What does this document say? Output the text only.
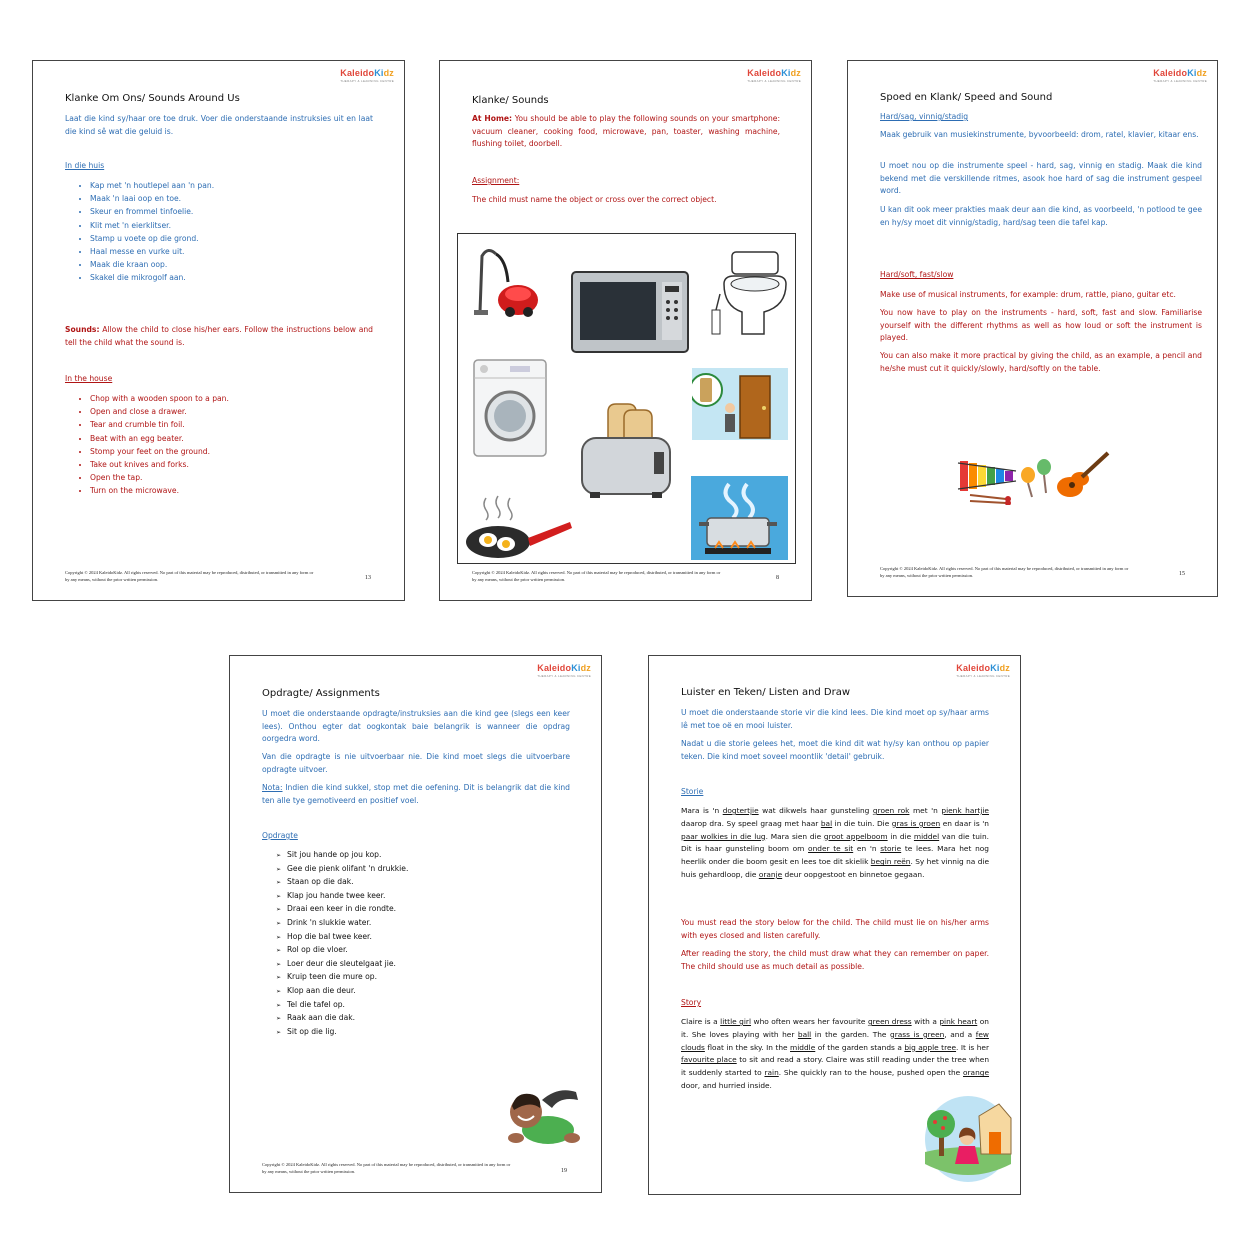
KaleidoKidz
THERAPY & LEARNING CENTRE
Klanke Om Ons/ Sounds Around Us
Laat die kind sy/haar ore toe druk. Voer die onderstaande instruksies uit en laat die kind sê wat die geluid is.
In die huis
• Kap met 'n houtlepel aan 'n pan.
• Maak 'n laai oop en toe.
• Skeur en frommel tinfoelie.
• Klit met 'n eierklitser.
• Stamp u voete op die grond.
• Haal messe en vurke uit.
• Maak die kraan oop.
• Skakel die mikrogolf aan.
Sounds: Allow the child to close his/her ears. Follow the instructions below and tell the child what the sound is.
In the house
• Chop with a wooden spoon to a pan.
• Open and close a drawer.
• Tear and crumble tin foil.
• Beat with an egg beater.
• Stomp your feet on the ground.
• Take out knives and forks.
• Open the tap.
• Turn on the microwave.
Copyright © 2024 KaleidoKidz. All rights reserved. No part of this material may be reproduced, distributed, or transmitted in any form or by any means, without the prior written permission.	13
KaleidoKidz
THERAPY & LEARNING CENTRE
Klanke/ Sounds
At Home: You should be able to play the following sounds on your smartphone: vacuum cleaner, cooking food, microwave, pan, toaster, washing machine, flushing toilet, doorbell.
Assignment:
The child must name the object or cross over the correct object.
Copyright © 2024 KaleidoKidz. All rights reserved. No part of this material may be reproduced, distributed, or transmitted in any form or by any means, without the prior written permission.	8
KaleidoKidz
THERAPY & LEARNING CENTRE
Spoed en Klank/ Speed and Sound
Hard/sag, vinnig/stadig
Maak gebruik van musiekinstrumente, byvoorbeeld: drom, ratel, klavier, kitaar ens.
U moet nou op die instrumente speel - hard, sag, vinnig en stadig. Maak die kind bekend met die verskillende ritmes, asook hoe hard of sag die instrument gespeel word.
U kan dit ook meer prakties maak deur aan die kind, as voorbeeld, 'n potlood te gee en hy/sy moet dit vinnig/stadig, hard/sag teen die tafel kap.
Hard/soft, fast/slow
Make use of musical instruments, for example: drum, rattle, piano, guitar etc.
You now have to play on the instruments - hard, soft, fast and slow. Familiarise yourself with the different rhythms as well as how loud or soft the instrument is played.
You can also make it more practical by giving the child, as an example, a pencil and he/she must cut it quickly/slowly, hard/softly on the table.
Copyright © 2024 KaleidoKidz. All rights reserved. No part of this material may be reproduced, distributed, or transmitted in any form or by any means, without the prior written permission.	15
KaleidoKidz
THERAPY & LEARNING CENTRE
Opdragte/ Assignments
U moet die onderstaande opdragte/instruksies aan die kind gee (slegs een keer lees). Onthou egter dat oogkontak baie belangrik is wanneer die opdrag oorgedra word.
Van die opdragte is nie uitvoerbaar nie. Die kind moet slegs die uitvoerbare opdragte uitvoer.
Nota: Indien die kind sukkel, stop met die oefening. Dit is belangrik dat die kind ten alle tye gemotiveerd en positief voel.
Opdragte
➢ Sit jou hande op jou kop.
➢ Gee die pienk olifant 'n drukkie.
➢ Staan op die dak.
➢ Klap jou hande twee keer.
➢ Draai een keer in die rondte.
➢ Drink 'n slukkie water.
➢ Hop die bal twee keer.
➢ Rol op die vloer.
➢ Loer deur die sleutelgaat jie.
➢ Kruip teen die mure op.
➢ Klop aan die deur.
➢ Tel die tafel op.
➢ Raak aan die dak.
➢ Sit op die lig.
Copyright © 2024 KaleidoKidz. All rights reserved. No part of this material may be reproduced, distributed, or transmitted in any form or by any means, without the prior written permission.	19
KaleidoKidz
THERAPY & LEARNING CENTRE
Luister en Teken/ Listen and Draw
U moet die onderstaande storie vir die kind lees. Die kind moet op sy/haar arms lê met toe oë en mooi luister.
Nadat u die storie gelees het, moet die kind dit wat hy/sy kan onthou op papier teken. Die kind moet soveel moontlik 'detail' gebruik.
Storie
Mara is 'n dogtertjie wat dikwels haar gunsteling groen rok met 'n pienk hartjie daarop dra. Sy speel graag met haar bal in die tuin. Die gras is groen en daar is 'n paar wolkies in die lug. Mara sien die groot appelboom in die middel van die tuin. Dit is haar gunsteling boom om onder te sit en 'n storie te lees. Mara het nog heerlik onder die boom gesit en lees toe dit skielik begin reën. Sy het vinnig na die huis gehardloop, die oranje deur oopgestoot en binnetoe gegaan.
You must read the story below for the child. The child must lie on his/her arms with eyes closed and listen carefully.
After reading the story, the child must draw what they can remember on paper. The child should use as much detail as possible.
Story
Claire is a little girl who often wears her favourite green dress with a pink heart on it. She loves playing with her ball in the garden. The grass is green, and a few clouds float in the sky. In the middle of the garden stands a big apple tree. It is her favourite place to sit and read a story. Claire was still reading under the tree when it suddenly started to rain. She quickly ran to the house, pushed open the orange door, and hurried inside.
